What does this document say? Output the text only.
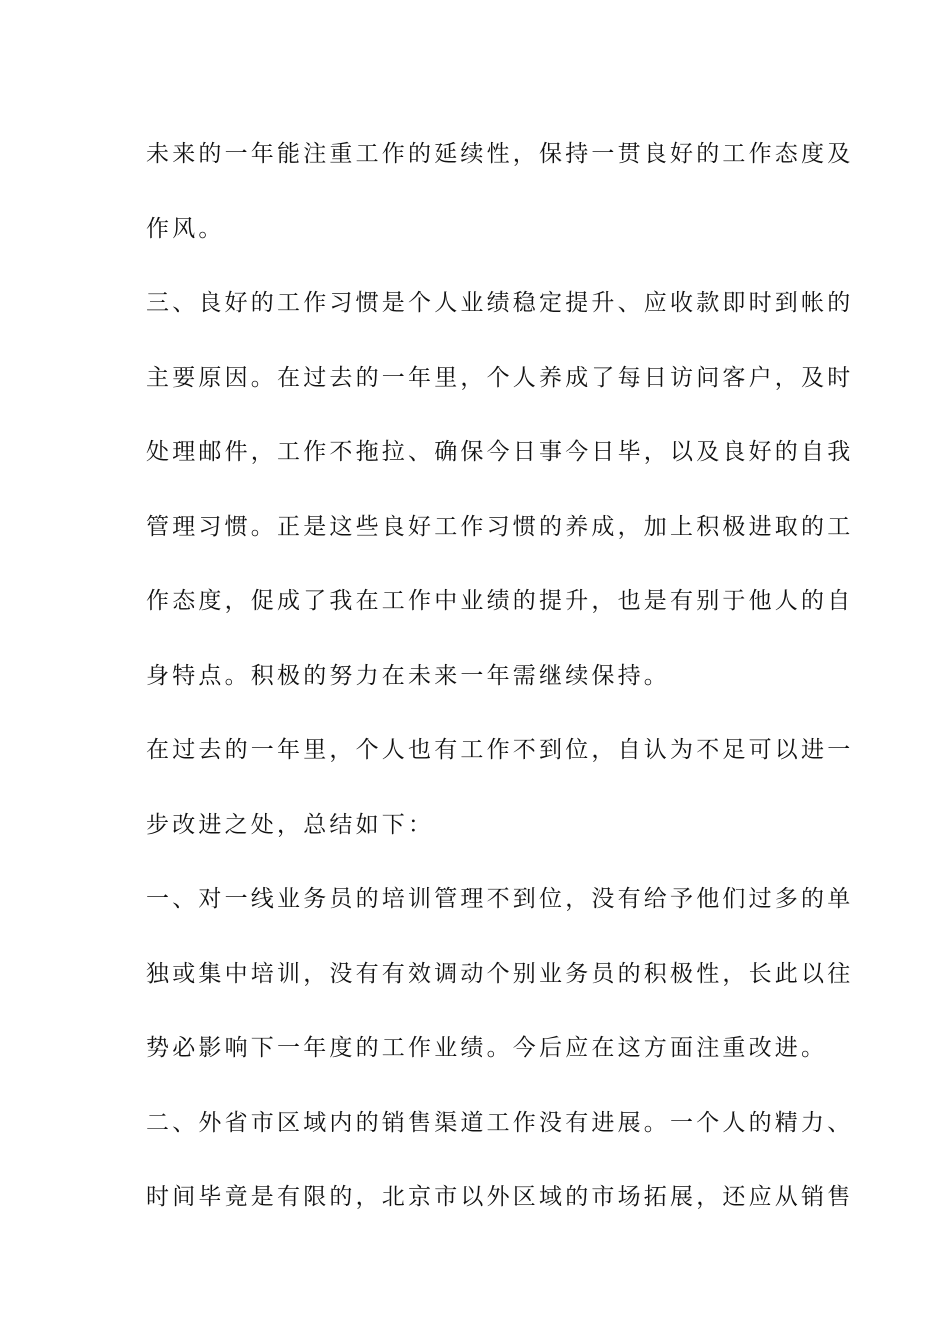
未来的一年能注重工作的延续性，保持一贯良好的工作态度及
作风。
三、良好的工作习惯是个人业绩稳定提升、应收款即时到帐的
主要原因。在过去的一年里，个人养成了每日访问客户，及时
处理邮件，工作不拖拉、确保今日事今日毕，以及良好的自我
管理习惯。正是这些良好工作习惯的养成，加上积极进取的工
作态度，促成了我在工作中业绩的提升，也是有别于他人的自
身特点。积极的努力在未来一年需继续保持。
在过去的一年里，个人也有工作不到位，自认为不足可以进一
步改进之处，总结如下：
一、对一线业务员的培训管理不到位，没有给予他们过多的单
独或集中培训，没有有效调动个别业务员的积极性，长此以往
势必影响下一年度的工作业绩。今后应在这方面注重改进。
二、外省市区域内的销售渠道工作没有进展。一个人的精力、
时间毕竟是有限的，北京市以外区域的市场拓展，还应从销售
